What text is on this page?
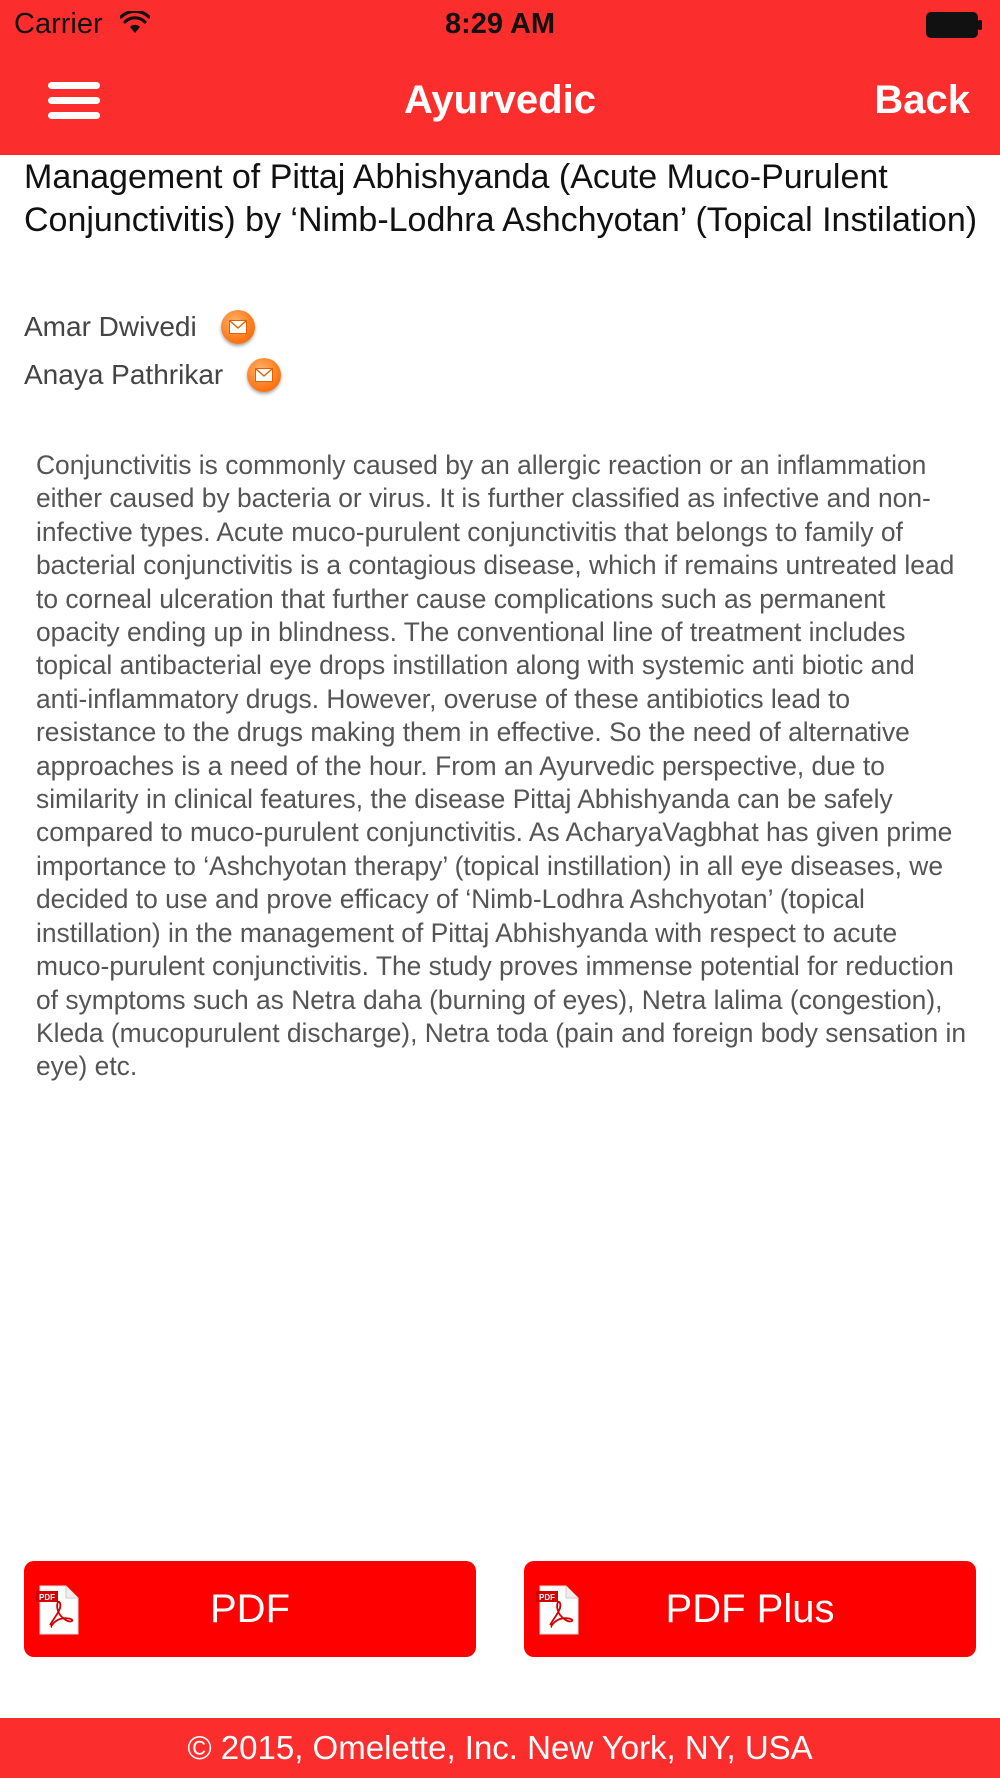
Carrier	8:29 AM
Ayurvedic	Back
Management of Pittaj Abhishyanda (Acute Muco-Purulent Conjunctivitis) by ‘Nimb-Lodhra Ashchyotan’ (Topical Instilation)
Amar Dwivedi
Anaya Pathrikar
Conjunctivitis is commonly caused by an allergic reaction or an inflammation either caused by bacteria or virus. It is further classified as infective and non-infective types. Acute muco-purulent conjunctivitis that belongs to family of bacterial conjunctivitis is a contagious disease, which if remains untreated lead to corneal ulceration that further cause complications such as permanent opacity ending up in blindness. The conventional line of treatment includes topical antibacterial eye drops instillation along with systemic anti biotic and anti-inflammatory drugs. However, overuse of these antibiotics lead to resistance to the drugs making them in effective. So the need of alternative approaches is a need of the hour. From an Ayurvedic perspective, due to similarity in clinical features, the disease Pittaj Abhishyanda can be safely compared to muco-purulent conjunctivitis. As AcharyaVagbhat has given prime importance to ‘Ashchyotan therapy’ (topical instillation) in all eye diseases, we decided to use and prove efficacy of ‘Nimb-Lodhra Ashchyotan’ (topical instillation) in the management of Pittaj Abhishyanda with respect to acute muco-purulent conjunctivitis. The study proves immense potential for reduction of symptoms such as Netra daha (burning of eyes), Netra lalima (congestion), Kleda (mucopurulent discharge), Netra toda (pain and foreign body sensation in eye) etc.
PDF	PDF	PDF	PDF Plus
© 2015, Omelette, Inc. New York, NY, USA
